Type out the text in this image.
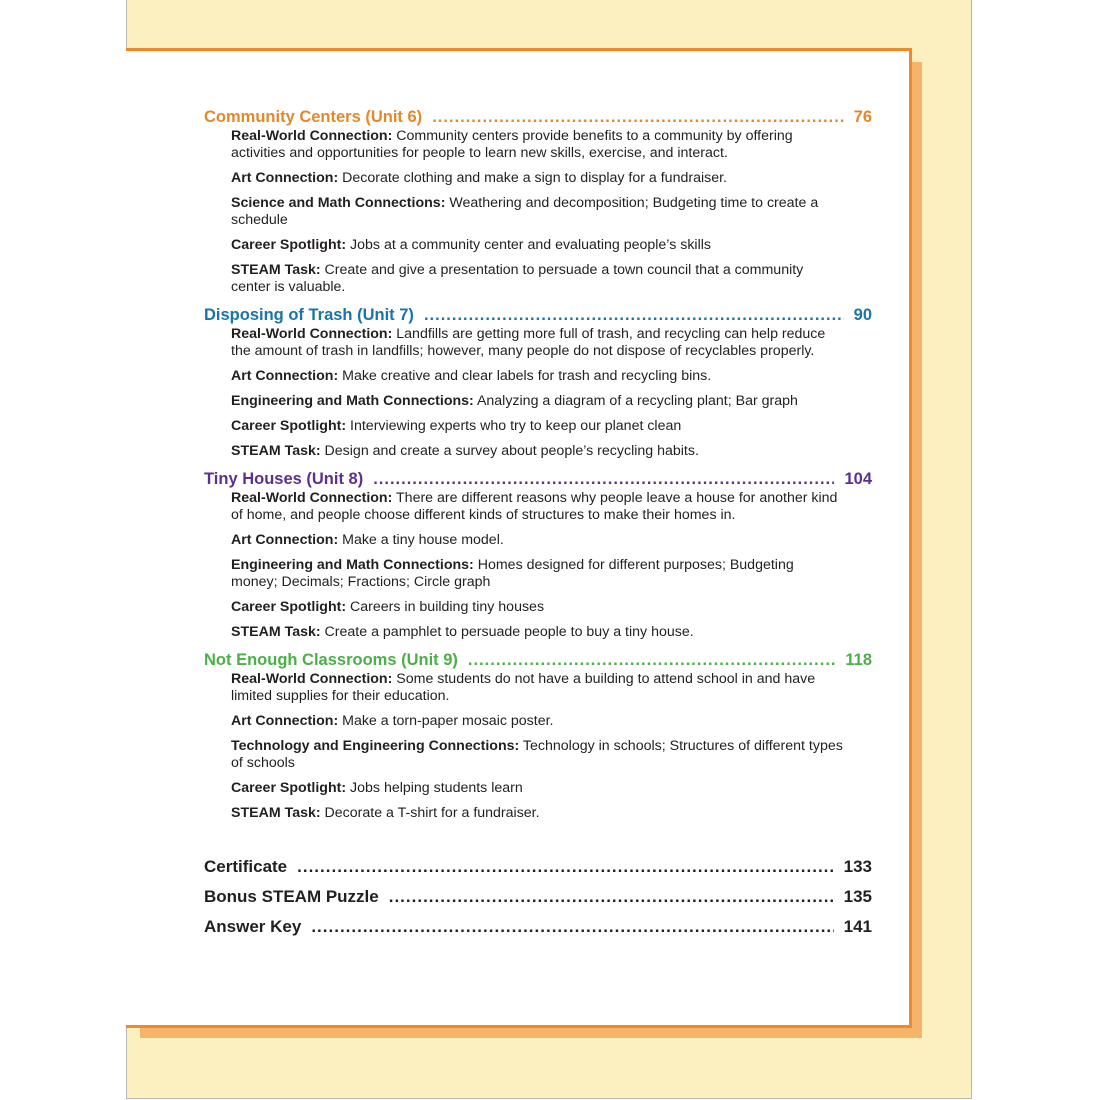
Community Centers (Unit 6) .....	76
Real-World Connection: Community centers provide benefits to a community by offering activities and opportunities for people to learn new skills, exercise, and interact.
Art Connection: Decorate clothing and make a sign to display for a fundraiser.
Science and Math Connections: Weathering and decomposition; Budgeting time to create a schedule
Career Spotlight: Jobs at a community center and evaluating people’s skills
STEAM Task: Create and give a presentation to persuade a town council that a community center is valuable.
Disposing of Trash (Unit 7) .....	90
Real-World Connection: Landfills are getting more full of trash, and recycling can help reduce the amount of trash in landfills; however, many people do not dispose of recyclables properly.
Art Connection: Make creative and clear labels for trash and recycling bins.
Engineering and Math Connections: Analyzing a diagram of a recycling plant; Bar graph
Career Spotlight: Interviewing experts who try to keep our planet clean
STEAM Task: Design and create a survey about people’s recycling habits.
Tiny Houses (Unit 8) .....	104
Real-World Connection: There are different reasons why people leave a house for another kind of home, and people choose different kinds of structures to make their homes in.
Art Connection: Make a tiny house model.
Engineering and Math Connections: Homes designed for different purposes; Budgeting money; Decimals; Fractions; Circle graph
Career Spotlight: Careers in building tiny houses
STEAM Task: Create a pamphlet to persuade people to buy a tiny house.
Not Enough Classrooms (Unit 9) .....	118
Real-World Connection: Some students do not have a building to attend school in and have limited supplies for their education.
Art Connection: Make a torn-paper mosaic poster.
Technology and Engineering Connections: Technology in schools; Structures of different types of schools
Career Spotlight: Jobs helping students learn
STEAM Task: Decorate a T-shirt for a fundraiser.
Certificate .....	133
Bonus STEAM Puzzle .....	135
Answer Key .....	141
